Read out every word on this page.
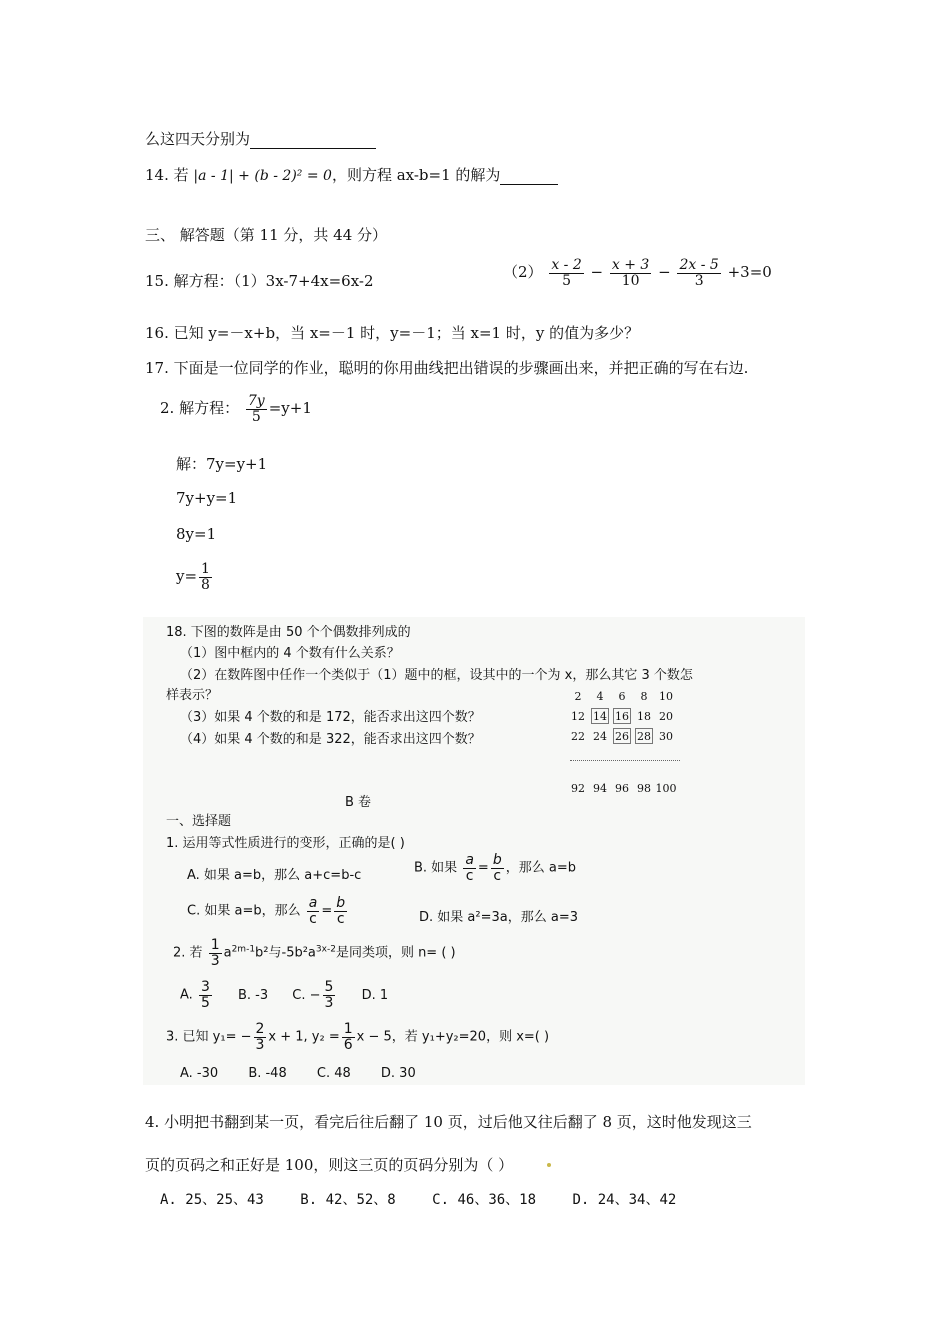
么这四天分别为
14. 若 |a - 1| + (b - 2)² = 0，则方程 ax-b=1 的解为
三、 解答题（第 11 分，共 44 分）
15. 解方程：（1）3x-7+4x=6x-2	$(2) \frac{x - 2}{5} - \frac{x + 3}{10} - \frac{2x - 5}{3} +3=0$
16. 已知 y=－x+b，当 x=－1 时，y=－1；当 x=1 时，y 的值为多少？
17. 下面是一位同学的作业，聪明的你用曲线把出错误的步骤画出来，并把正确的写在右边.
2. 解方程： $\frac{7y}{5} =y+1$
解：7y=y+1
7y+y=1
8y=1
$y= \frac{1}{8}$
18. 下图的数阵是由 50 个个偶数排列成的
（1）图中框内的 4 个数有什么关系？
（2）在数阵图中任作一个类似于（1）题中的框，设其中的一个为 x，那么其它 3 个数怎
样表示？
（3）如果 4 个数的和是 172，能否求出这四个数？
（4）如果 4 个数的和是 322，能否求出这四个数？
2	4	6	8	10
12	14	16	18	20
22	24	26	28	30
92	94	96	98	100
B 卷
一、选择题
1. 运用等式性质进行的变形，正确的是( )
A. 如果 a=b，那么 a+c=b-c	B. 如果 $\frac{a}{c} = \frac{b}{c}$ ，那么 a=b
C. 如果 a=b，那么 $\frac{a}{c} = \frac{b}{c}$	D. 如果 a²=3a，那么 a=3
2. 若 $\frac{1}{3} a^{2m-1}b^2$与$-5b^2a^{3x-2}$是同类项，则 n= ( )
A. $\frac{3}{5} B$. -3 C. − $\frac{5}{3} D$. 1
3. 已知 $y_1= - \frac{2}{3}$ x + 1, $y_2 = \frac{1}{6}$ x − 5，若 y₁+y₂=20，则 x=( )
A. -30 B. -48 C. 48 D. 30
4. 小明把书翻到某一页，看完后往后翻了 10 页，过后他又往后翻了 8 页，这时他发现这三
页的页码之和正好是 100，则这三页的页码分别为（ ）
A. 25、25、43	B. 42、52、8	C. 46、36、18	D. 24、34、42
